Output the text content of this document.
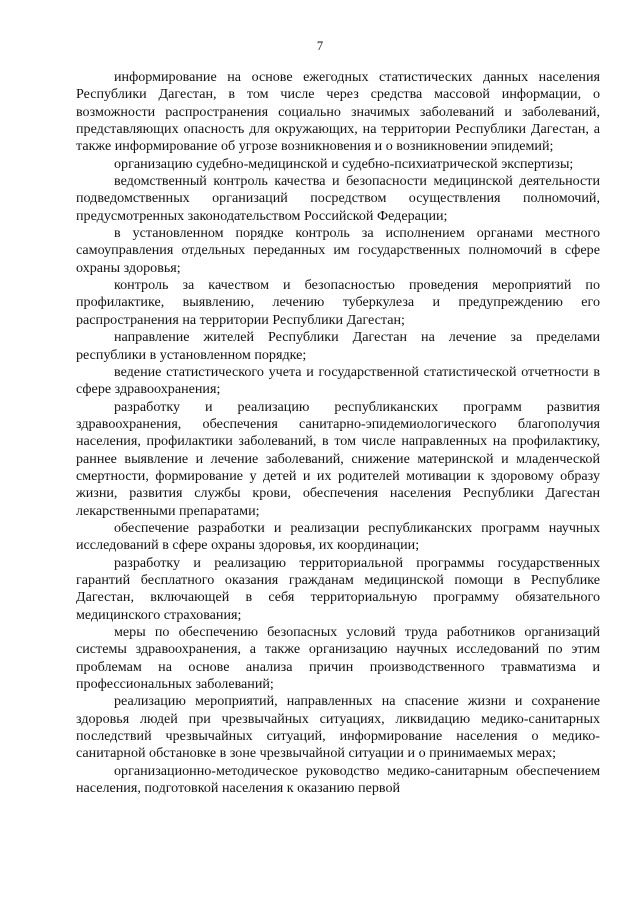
7

информирование на основе ежегодных статистических данных населения Республики Дагестан, в том числе через средства массовой информации, о возможности распространения социально значимых заболеваний и заболеваний, представляющих опасность для окружающих, на территории Республики Дагестан, а также информирование об угрозе возникновения и о возникновении эпидемий;

организацию судебно-медицинской и судебно-психиатрической экспертизы;

ведомственный контроль качества и безопасности медицинской деятельности подведомственных организаций посредством осуществления полномочий, предусмотренных законодательством Российской Федерации;

в установленном порядке контроль за исполнением органами местного самоуправления отдельных переданных им государственных полномочий в сфере охраны здоровья;

контроль за качеством и безопасностью проведения мероприятий по профилактике, выявлению, лечению туберкулеза и предупреждению его распространения на территории Республики Дагестан;

направление жителей Республики Дагестан на лечение за пределами республики в установленном порядке;

ведение статистического учета и государственной статистической отчетности в сфере здравоохранения;

разработку и реализацию республиканских программ развития здравоохранения, обеспечения санитарно-эпидемиологического благополучия населения, профилактики заболеваний, в том числе направленных на профилактику, раннее выявление и лечение заболеваний, снижение материнской и младенческой смертности, формирование у детей и их родителей мотивации к здоровому образу жизни, развития службы крови, обеспечения населения Республики Дагестан лекарственными препаратами;

обеспечение разработки и реализации республиканских программ научных исследований в сфере охраны здоровья, их координации;

разработку и реализацию территориальной программы государственных гарантий бесплатного оказания гражданам медицинской помощи в Республике Дагестан, включающей в себя территориальную программу обязательного медицинского страхования;

меры по обеспечению безопасных условий труда работников организаций системы здравоохранения, а также организацию научных исследований по этим проблемам на основе анализа причин производственного травматизма и профессиональных заболеваний;

реализацию мероприятий, направленных на спасение жизни и сохранение здоровья людей при чрезвычайных ситуациях, ликвидацию медико-санитарных последствий чрезвычайных ситуаций, информирование населения о медико-санитарной обстановке в зоне чрезвычайной ситуации и о принимаемых мерах;

организационно-методическое руководство медико-санитарным обеспечением населения, подготовкой населения к оказанию первой
